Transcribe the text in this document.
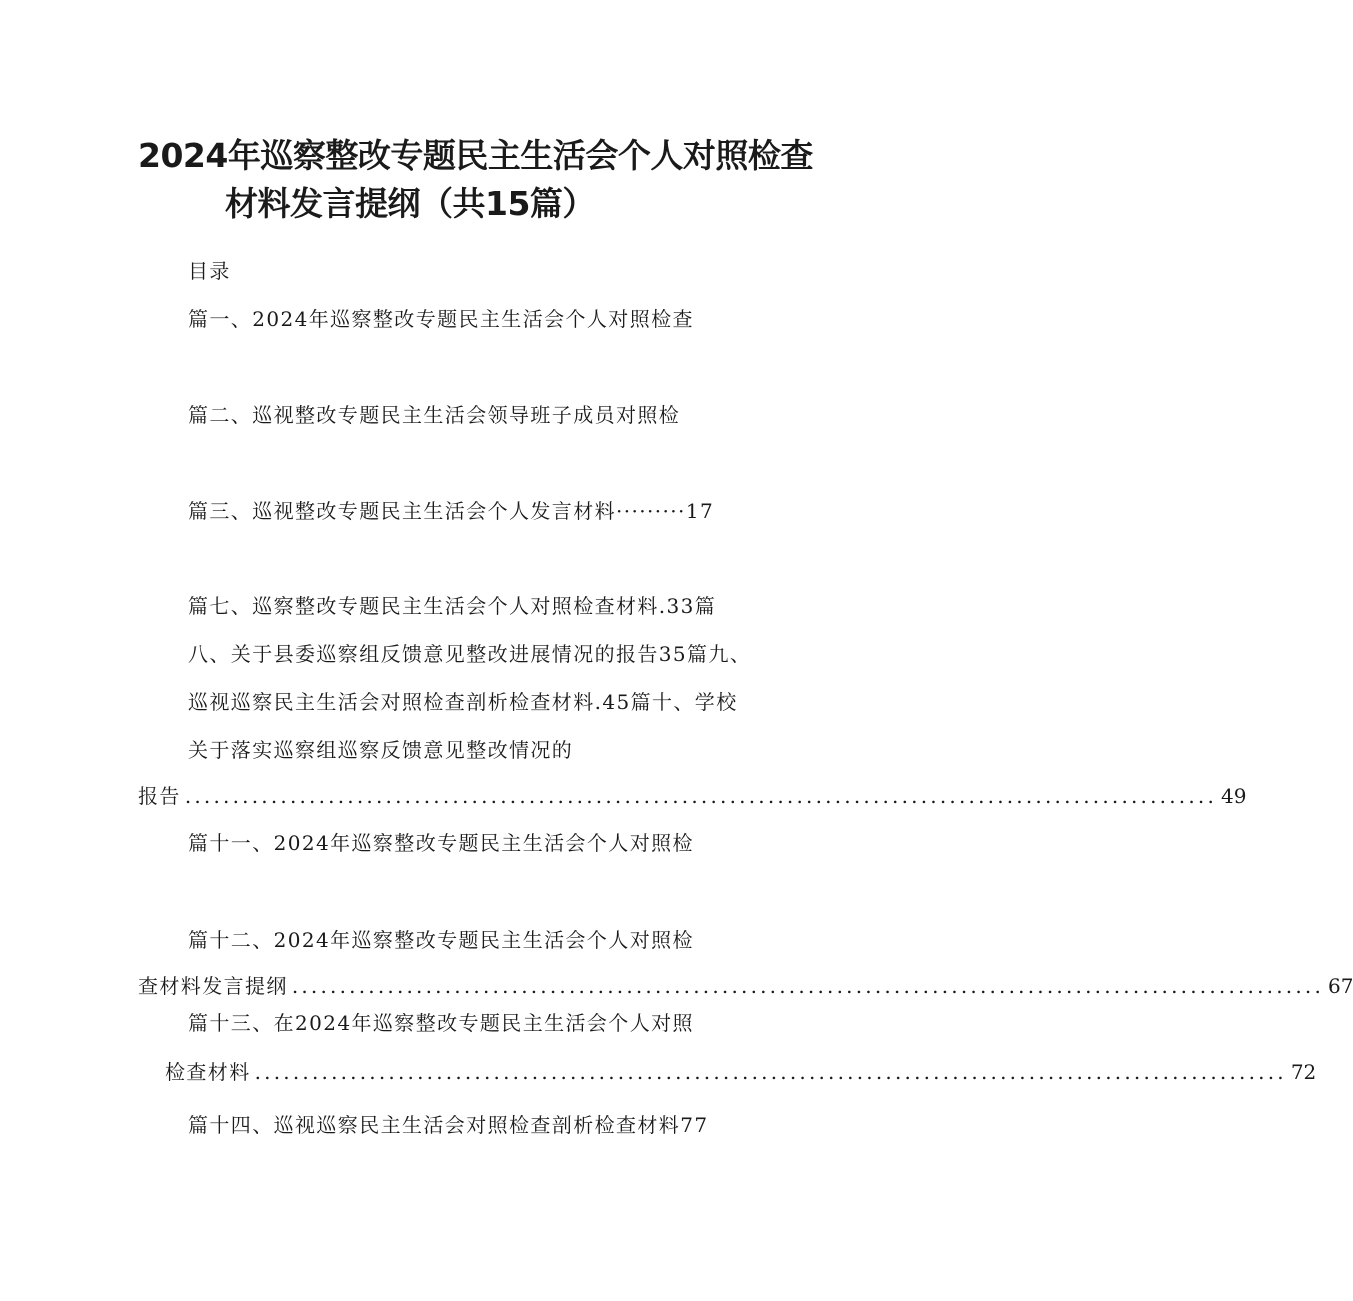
2024年巡察整改专题民主生活会个人对照检查
材料发言提纲（共15篇）
目录
篇一、2024年巡察整改专题民主生活会个人对照检查
篇二、巡视整改专题民主生活会领导班子成员对照检
篇三、巡视整改专题民主生活会个人发言材料·········17
篇七、巡察整改专题民主生活会个人对照检查材料.33篇
八、关于县委巡察组反馈意见整改进展情况的报告35篇九、
巡视巡察民主生活会对照检查剖析检查材料.45篇十、学校
关于落实巡察组巡察反馈意见整改情况的
报告 ............................................................................................................ 49
篇十一、2024年巡察整改专题民主生活会个人对照检
篇十二、2024年巡察整改专题民主生活会个人对照检
查材料发言提纲 ............................................................................................................ 67
篇十三、在2024年巡察整改专题民主生活会个人对照
检查材料 ............................................................................................................ 72
篇十四、巡视巡察民主生活会对照检查剖析检查材料77
